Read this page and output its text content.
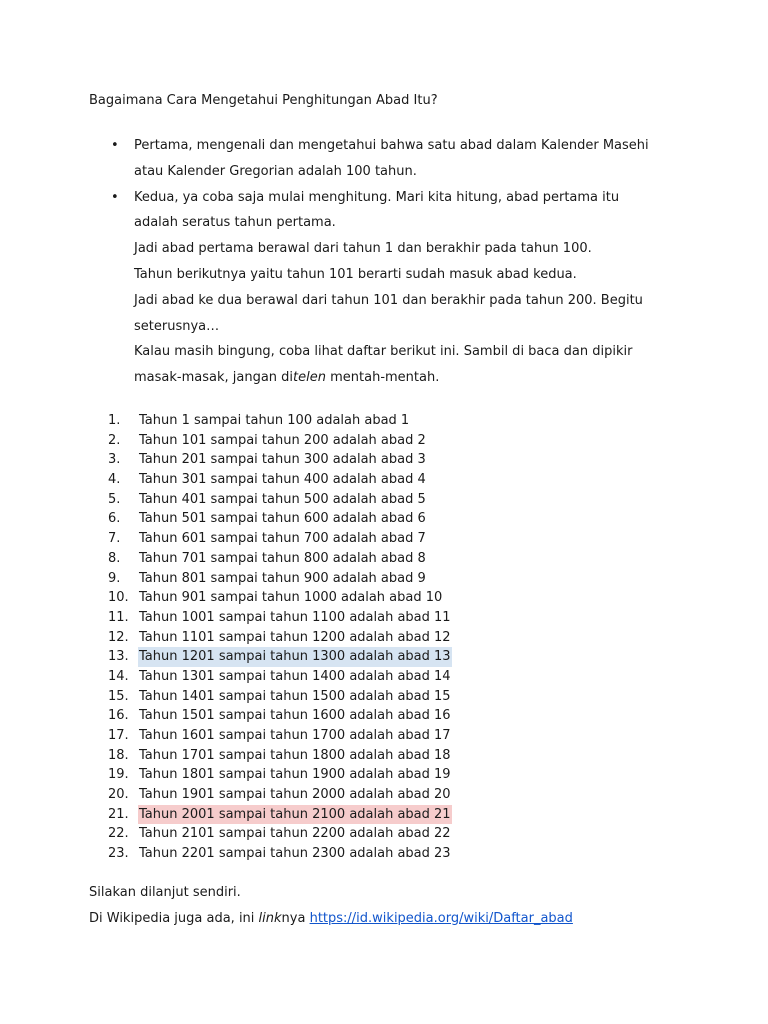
Bagaimana Cara Mengetahui Penghitungan Abad Itu?
• Pertama, mengenali dan mengetahui bahwa satu abad dalam Kalender Masehi atau Kalender Gregorian adalah 100 tahun.

• Kedua, ya coba saja mulai menghitung. Mari kita hitung, abad pertama itu adalah seratus tahun pertama.

Jadi abad pertama berawal dari tahun 1 dan berakhir pada tahun 100.

Tahun berikutnya yaitu tahun 101 berarti sudah masuk abad kedua.

Jadi abad ke dua berawal dari tahun 101 dan berakhir pada tahun 200. Begitu seterusnya…

Kalau masih bingung, coba lihat daftar berikut ini. Sambil di baca dan dipikir masak-masak, jangan ditelen mentah-mentah.

1. Tahun 1 sampai tahun 100 adalah abad 1
2. Tahun 101 sampai tahun 200 adalah abad 2
3. Tahun 201 sampai tahun 300 adalah abad 3
4. Tahun 301 sampai tahun 400 adalah abad 4
5. Tahun 401 sampai tahun 500 adalah abad 5
6. Tahun 501 sampai tahun 600 adalah abad 6
7. Tahun 601 sampai tahun 700 adalah abad 7
8. Tahun 701 sampai tahun 800 adalah abad 8
9. Tahun 801 sampai tahun 900 adalah abad 9
10. Tahun 901 sampai tahun 1000 adalah abad 10
11. Tahun 1001 sampai tahun 1100 adalah abad 11
12. Tahun 1101 sampai tahun 1200 adalah abad 12
13. Tahun 1201 sampai tahun 1300 adalah abad 13
14. Tahun 1301 sampai tahun 1400 adalah abad 14
15. Tahun 1401 sampai tahun 1500 adalah abad 15
16. Tahun 1501 sampai tahun 1600 adalah abad 16
17. Tahun 1601 sampai tahun 1700 adalah abad 17
18. Tahun 1701 sampai tahun 1800 adalah abad 18
19. Tahun 1801 sampai tahun 1900 adalah abad 19
20. Tahun 1901 sampai tahun 2000 adalah abad 20
21. Tahun 2001 sampai tahun 2100 adalah abad 21
22. Tahun 2101 sampai tahun 2200 adalah abad 22
23. Tahun 2201 sampai tahun 2300 adalah abad 23

Silakan dilanjut sendiri.

Di Wikipedia juga ada, ini linknya https://id.wikipedia.org/wiki/Daftar_abad
